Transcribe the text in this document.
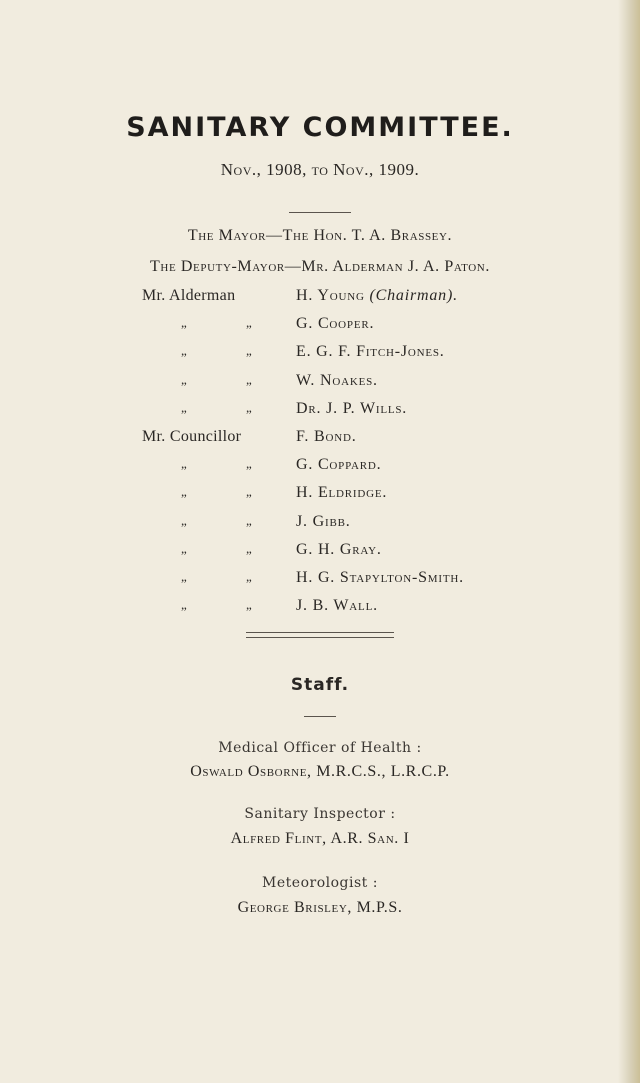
SANITARY COMMITTEE.
Nov., 1908, to Nov., 1909.
The Mayor—The Hon. T. A. Brassey.
The Deputy-Mayor—Mr. Alderman J. A. Paton.
Mr. Alderman	H. Young (Chairman).
„	„	G. Cooper.
„	„	E. G. F. Fitch-Jones.
„	„	W. Noakes.
„	„	Dr. J. P. Wills.
Mr. Councillor	F. Bond.
„	„	G. Coppard.
„	„	H. Eldridge.
„	„	J. Gibb.
„	„	G. H. Gray.
„	„	H. G. Stapylton-Smith.
„	„	J. B. Wall.
Staff.
Medical Officer of Health :
Oswald Osborne, M.R.C.S., L.R.C.P.
Sanitary Inspector :
Alfred Flint, A.R. San. I
Meteorologist :
George Brisley, M.P.S.
